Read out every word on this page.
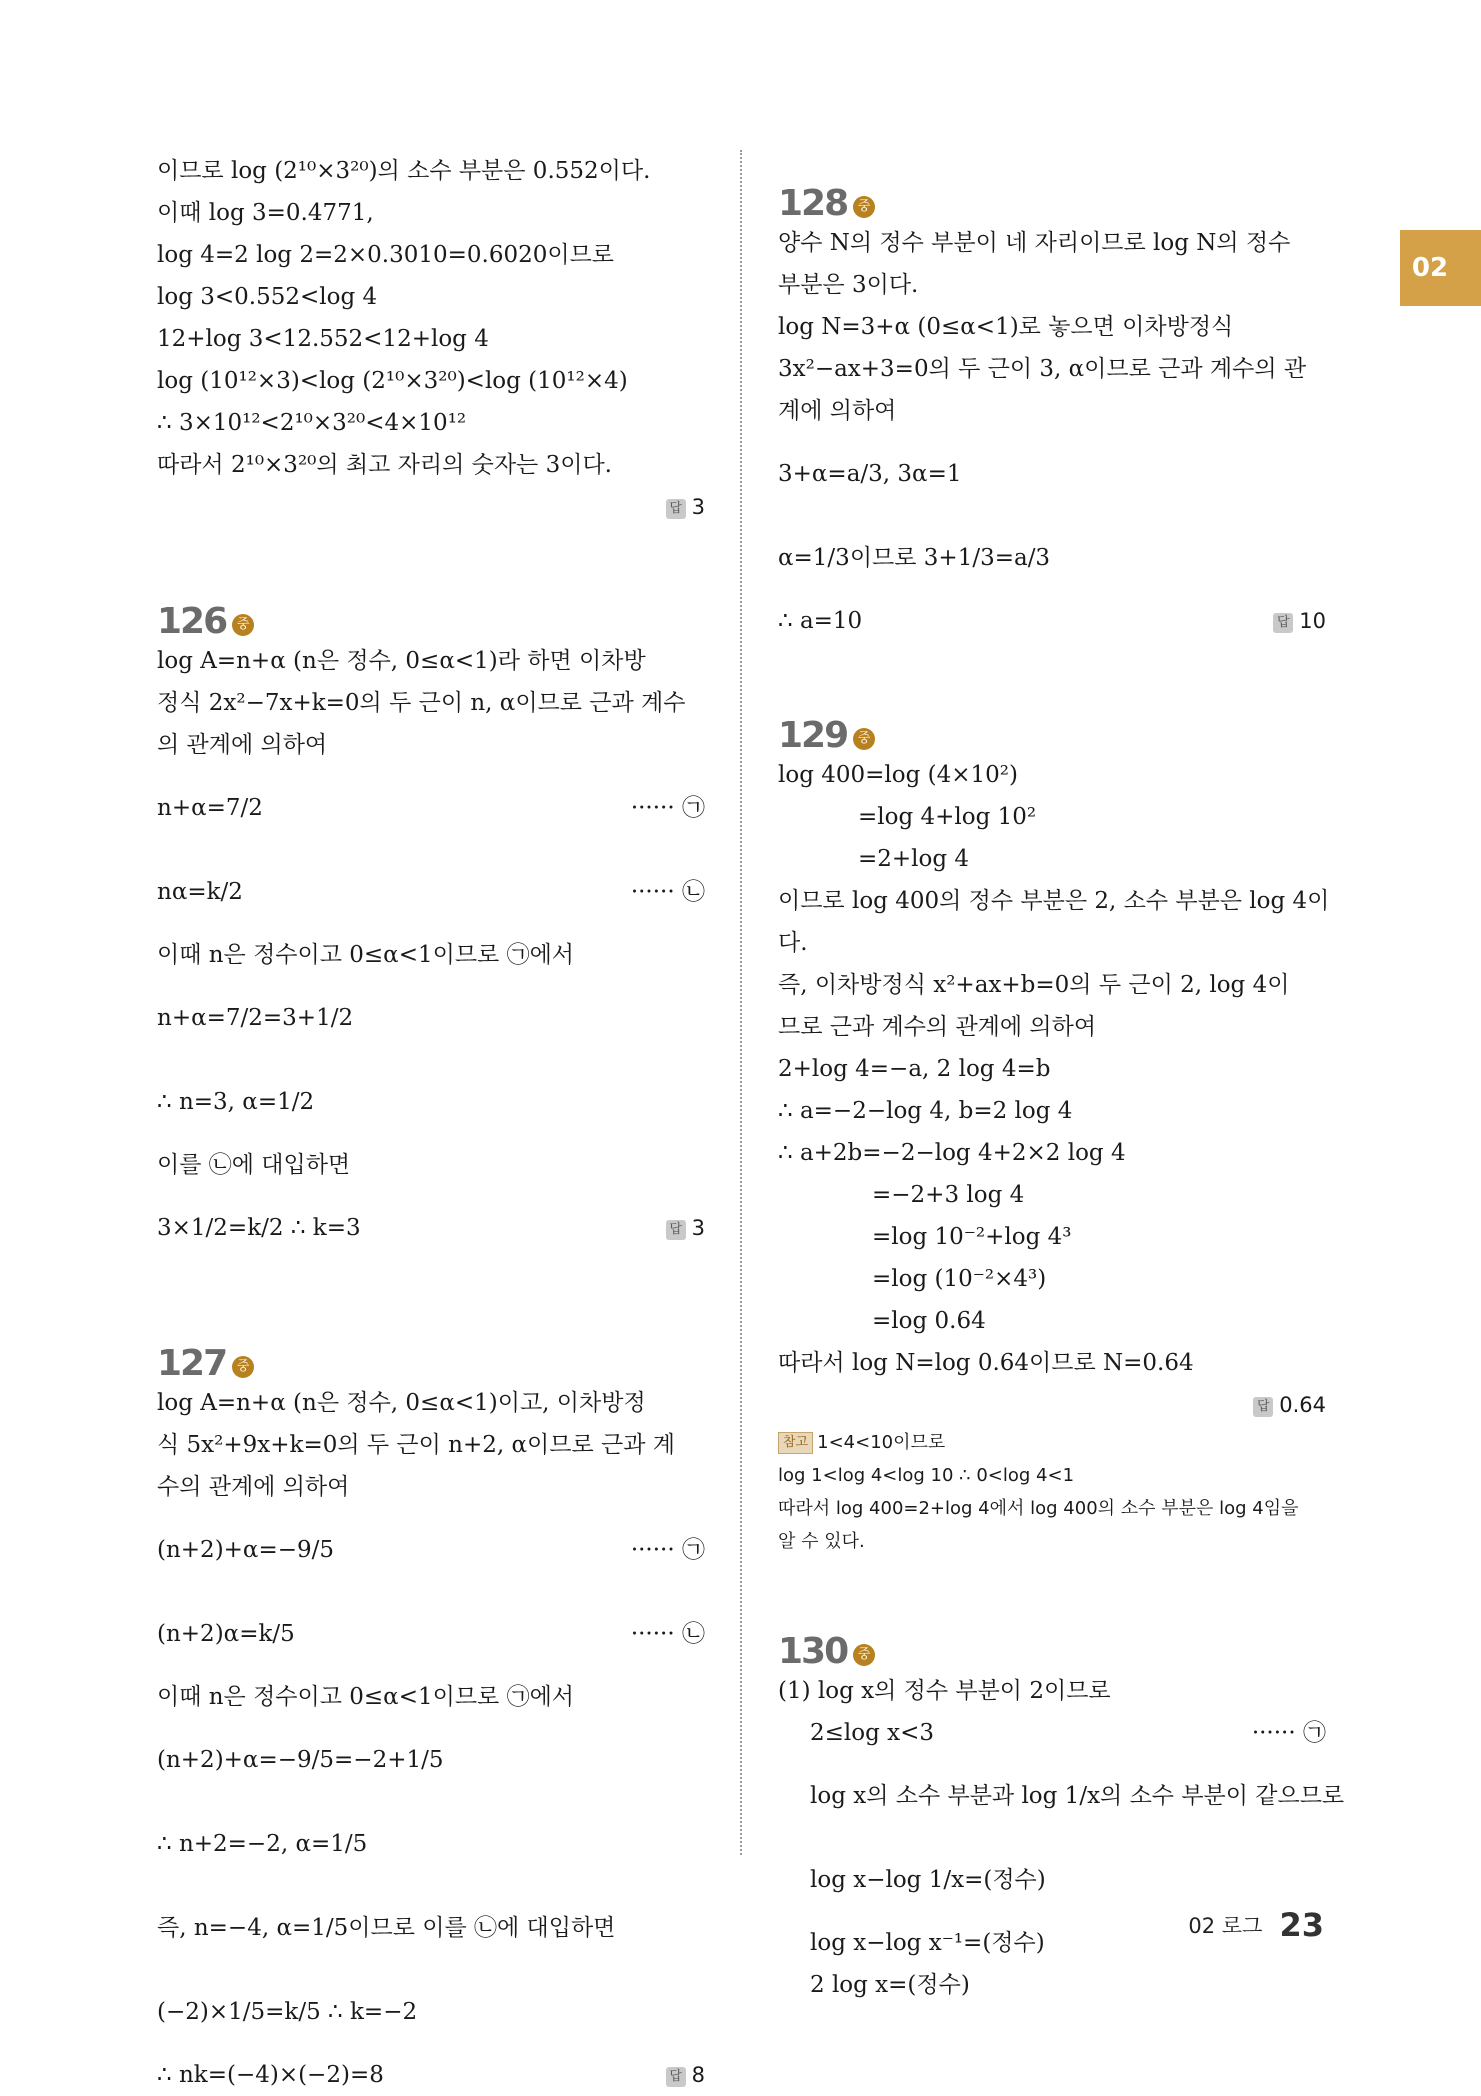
이므로 log (2¹⁰×3²⁰)의 소수 부분은 0.552이다.
이때 log 3=0.4771,
log 4=2 log 2=2×0.3010=0.6020이므로
log 3<0.552<log 4
12+log 3<12.552<12+log 4
log (10¹²×3)<log (2¹⁰×3²⁰)<log (10¹²×4)
∴ 3×10¹²<2¹⁰×3²⁰<4×10¹²
따라서 2¹⁰×3²⁰의 최고 자리의 숫자는 3이다.
답 3
126 중
log A=n+α (n은 정수, 0≤α<1)라 하면 이차방
정식 2x²−7x+k=0의 두 근이 n, α이므로 근과 계수
의 관계에 의하여
n+α=7/2	······ ㉠
nα=k/2	······ ㉡
이때 n은 정수이고 0≤α<1이므로 ㉠에서
n+α=7/2=3+1/2
∴ n=3, α=1/2
이를 ㉡에 대입하면
3×1/2=k/2 ∴ k=3	답 3
127 중
log A=n+α (n은 정수, 0≤α<1)이고, 이차방정
식 5x²+9x+k=0의 두 근이 n+2, α이므로 근과 계
수의 관계에 의하여
(n+2)+α=−9/5	······ ㉠
(n+2)α=k/5	······ ㉡
이때 n은 정수이고 0≤α<1이므로 ㉠에서
(n+2)+α=−9/5=−2+1/5
∴ n+2=−2, α=1/5
즉, n=−4, α=1/5이므로 이를 ㉡에 대입하면
(−2)×1/5=k/5 ∴ k=−2
∴ nk=(−4)×(−2)=8	답 8
128 중
양수 N의 정수 부분이 네 자리이므로 log N의 정수
부분은 3이다.
log N=3+α (0≤α<1)로 놓으면 이차방정식
3x²−ax+3=0의 두 근이 3, α이므로 근과 계수의 관
계에 의하여
3+α=a/3, 3α=1
α=1/3이므로 3+1/3=a/3
∴ a=10	답 10
129 중
log 400=log (4×10²)
=log 4+log 10²
=2+log 4
이므로 log 400의 정수 부분은 2, 소수 부분은 log 4이
다.
즉, 이차방정식 x²+ax+b=0의 두 근이 2, log 4이
므로 근과 계수의 관계에 의하여
2+log 4=−a, 2 log 4=b
∴ a=−2−log 4, b=2 log 4
∴ a+2b=−2−log 4+2×2 log 4
=−2+3 log 4
=log 10⁻²+log 4³
=log (10⁻²×4³)
=log 0.64
따라서 log N=log 0.64이므로 N=0.64
답 0.64
참고 1<4<10이므로
log 1<log 4<log 10 ∴ 0<log 4<1
따라서 log 400=2+log 4에서 log 400의 소수 부분은 log 4임을
알 수 있다.
130 중
(1) log x의 정수 부분이 2이므로
2≤log x<3	······ ㉠
log x의 소수 부분과 log 1/x의 소수 부분이 같으므로
log x−log 1/x=(정수)
log x−log x⁻¹=(정수)
2 log x=(정수)
02
02 로그 23
